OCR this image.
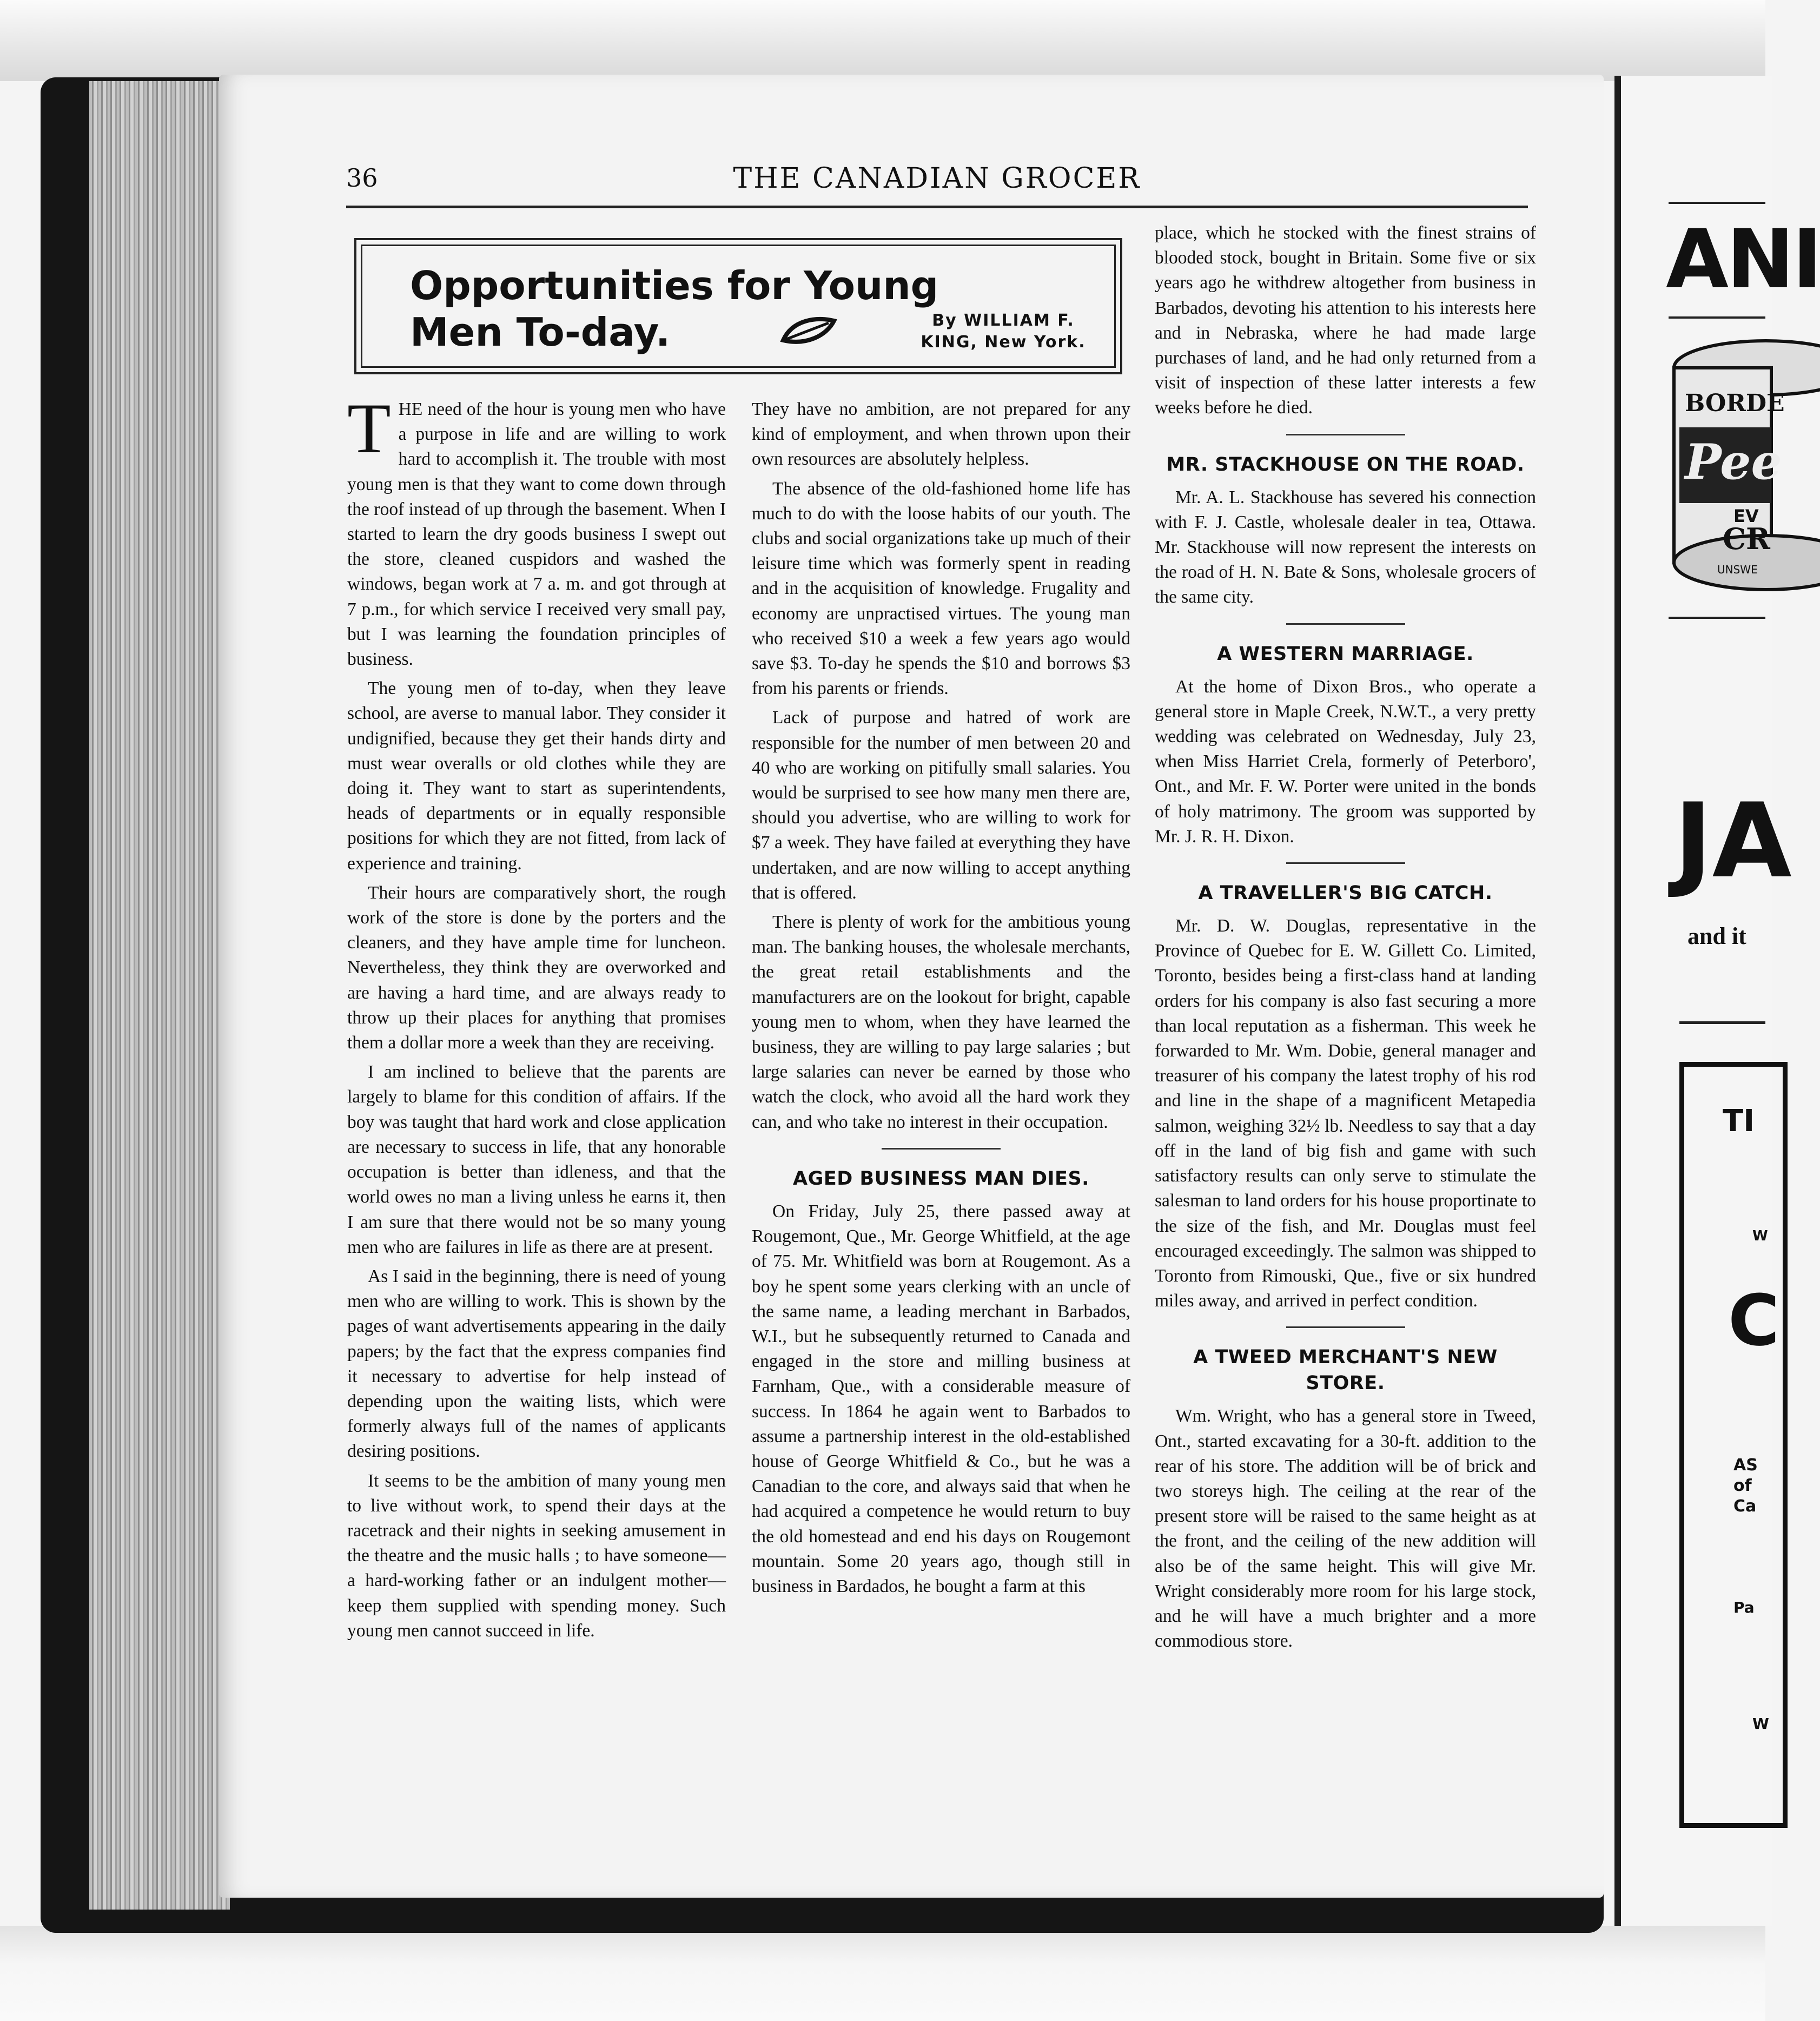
THE CANADIAN GROCER
36
Opportunities for Young
Men To-day.	By WILLIAM F.
KING, New York.

THE need of the hour is young men who have a purpose in life and are willing to work hard to accomplish it. The trouble with most young men is that they want to come down through the roof instead of up through the basement. When I started to learn the dry goods business I swept out the store, cleaned cuspidors and washed the windows, began work at 7 a. m. and got through at 7 p.m., for which service I received very small pay, but I was learning the foundation principles of business.

The young men of to-day, when they leave school, are averse to manual labor. They consider it undignified, because they get their hands dirty and must wear overalls or old clothes while they are doing it. They want to start as superintendents, heads of departments or in equally responsible positions for which they are not fitted, from lack of experience and training.

Their hours are comparatively short, the rough work of the store is done by the porters and the cleaners, and they have ample time for luncheon. Nevertheless, they think they are overworked and are having a hard time, and are always ready to throw up their places for anything that promises them a dollar more a week than they are receiving.

I am inclined to believe that the parents are largely to blame for this condition of affairs. If the boy was taught that hard work and close application are necessary to success in life, that any honorable occupation is better than idleness, and that the world owes no man a living unless he earns it, then I am sure that there would not be so many young men who are failures in life as there are at present.

As I said in the beginning, there is need of young men who are willing to work. This is shown by the pages of want advertisements appearing in the daily papers; by the fact that the express companies find it necessary to advertise for help instead of depending upon the waiting lists, which were formerly always full of the names of applicants desiring positions.

It seems to be the ambition of many young men to live without work, to spend their days at the racetrack and their nights in seeking amusement in the theatre and the music halls ; to have someone—a hard-working father or an indulgent mother—keep them supplied with spending money. Such young men cannot succeed in life.

They have no ambition, are not prepared for any kind of employment, and when thrown upon their own resources are absolutely helpless.

The absence of the old-fashioned home life has much to do with the loose habits of our youth. The clubs and social organizations take up much of their leisure time which was formerly spent in reading and in the acquisition of knowledge. Frugality and economy are unpractised virtues. The young man who received $10 a week a few years ago would save $3. To-day he spends the $10 and borrows $3 from his parents or friends.

Lack of purpose and hatred of work are responsible for the number of men between 20 and 40 who are working on pitifully small salaries. You would be surprised to see how many men there are, should you advertise, who are willing to work for $7 a week. They have failed at everything they have undertaken, and are now willing to accept anything that is offered.

There is plenty of work for the ambitious young man. The banking houses, the wholesale merchants, the great retail establishments and the manufacturers are on the lookout for bright, capable young men to whom, when they have learned the business, they are willing to pay large salaries ; but large salaries can never be earned by those who watch the clock, who avoid all the hard work they can, and who take no interest in their occupation.

AGED BUSINESS MAN DIES.

On Friday, July 25, there passed away at Rougemont, Que., Mr. George Whitfield, at the age of 75. Mr. Whitfield was born at Rougemont. As a boy he spent some years clerking with an uncle of the same name, a leading merchant in Barbados, W.I., but he subsequently returned to Canada and engaged in the store and milling business at Farnham, Que., with a considerable measure of success. In 1864 he again went to Barbados to assume a partnership interest in the old-established house of George Whitfield & Co., but he was a Canadian to the core, and always said that when he had acquired a competence he would return to buy the old homestead and end his days on Rougemont mountain. Some 20 years ago, though still in business in Bardados, he bought a farm at this

place, which he stocked with the finest strains of blooded stock, bought in Britain. Some five or six years ago he withdrew altogether from business in Barbados, devoting his attention to his interests here and in Nebraska, where he had made large purchases of land, and he had only returned from a visit of inspection of these latter interests a few weeks before he died.

MR. STACKHOUSE ON THE ROAD.

Mr. A. L. Stackhouse has severed his connection with F. J. Castle, wholesale dealer in tea, Ottawa. Mr. Stackhouse will now represent the interests on the road of H. N. Bate & Sons, wholesale grocers of the same city.

A WESTERN MARRIAGE.

At the home of Dixon Bros., who operate a general store in Maple Creek, N.W.T., a very pretty wedding was celebrated on Wednesday, July 23, when Miss Harriet Crela, formerly of Peterboro', Ont., and Mr. F. W. Porter were united in the bonds of holy matrimony. The groom was supported by Mr. J. R. H. Dixon.

A TRAVELLER'S BIG CATCH.

Mr. D. W. Douglas, representative in the Province of Quebec for E. W. Gillett Co. Limited, Toronto, besides being a first-class hand at landing orders for his company is also fast securing a more than local reputation as a fisherman. This week he forwarded to Mr. Wm. Dobie, general manager and treasurer of his company the latest trophy of his rod and line in the shape of a magnificent Metapedia salmon, weighing 32½ lb. Needless to say that a day off in the land of big fish and game with such satisfactory results can only serve to stimulate the salesman to land orders for his house proportinate to the size of the fish, and Mr. Douglas must feel encouraged exceedingly. The salmon was shipped to Toronto from Rimouski, Que., five or six hundred miles away, and arrived in perfect condition.

A TWEED MERCHANT'S NEW STORE.

Wm. Wright, who has a general store in Tweed, Ont., started excavating for a 30-ft. addition to the rear of his store. The addition will be of brick and two storeys high. The ceiling at the rear of the present store will be raised to the same height as at the front, and the ceiling of the new addition will also be of the same height. This will give Mr. Wright considerably more room for his large stock, and he will have a much brighter and a more commodious store.

ANI
BORDE
Pee
EV
CR
UNSWE
JA
and it
TI
W
C
AS
of
Ca
Pa
W
